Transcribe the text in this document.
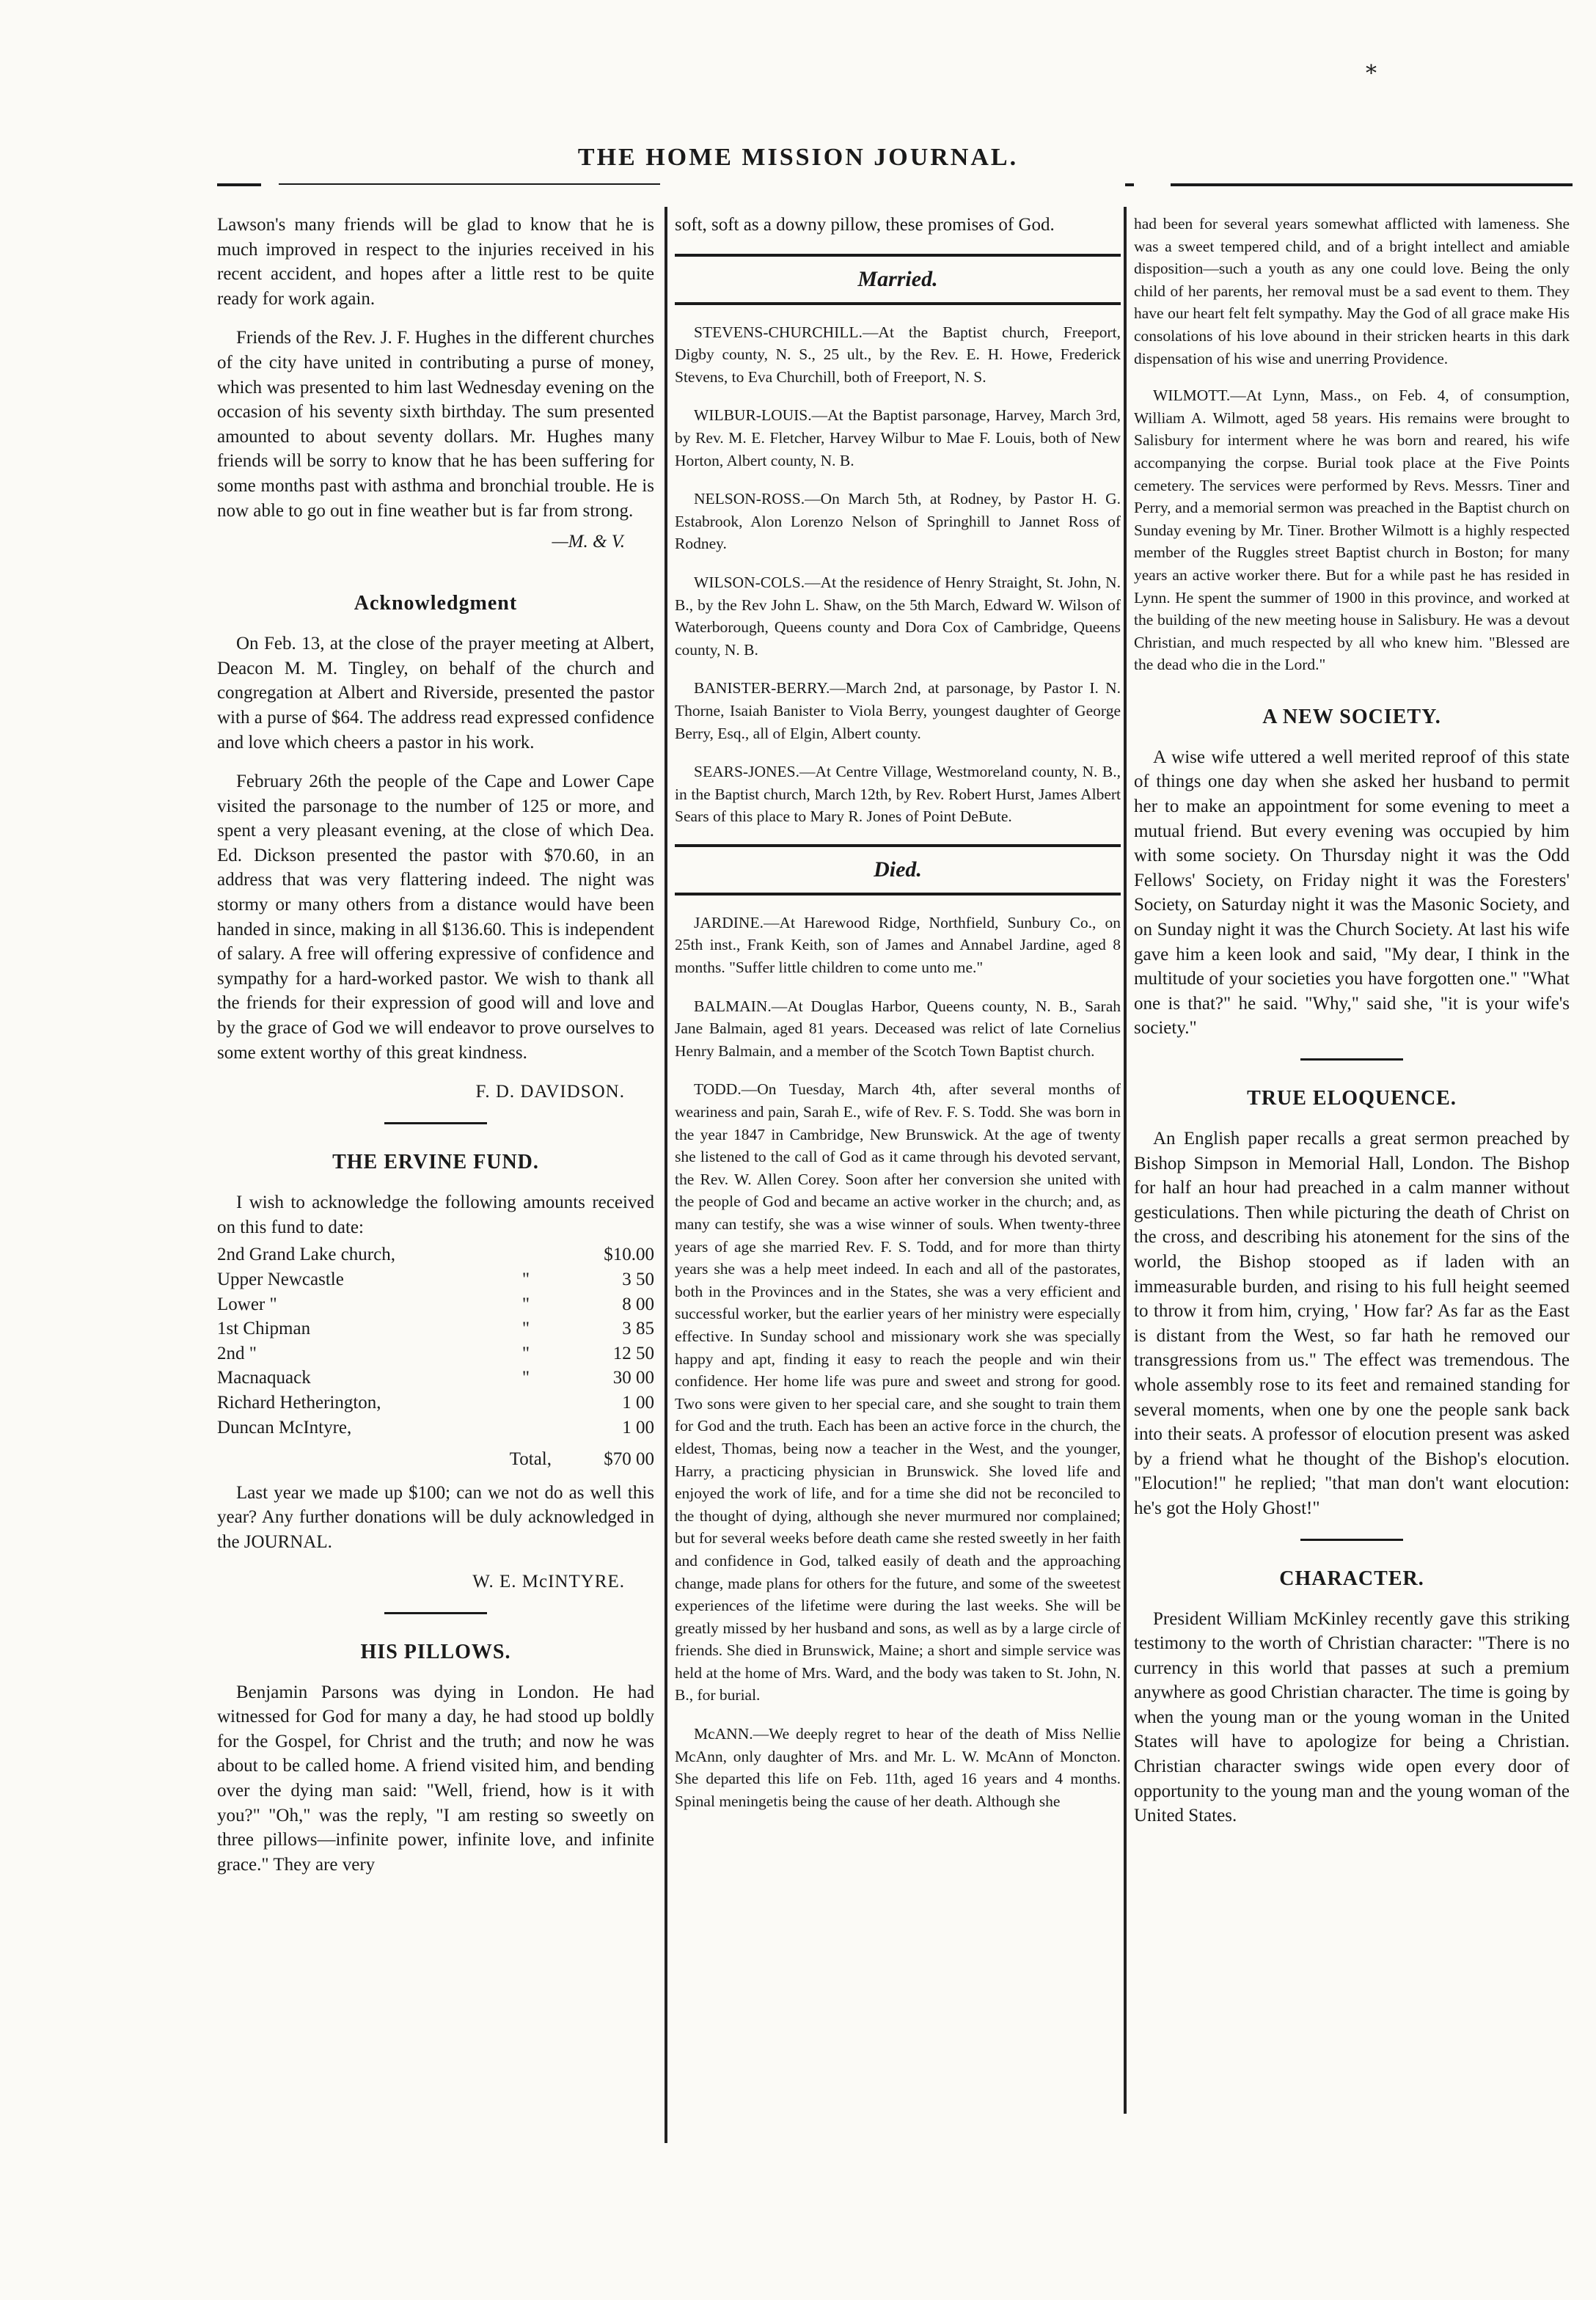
⁎
THE HOME MISSION JOURNAL.

Lawson's many friends will be glad to know that he is much improved in respect to the injuries received in his recent accident, and hopes after a little rest to be quite ready for work again.

Friends of the Rev. J. F. Hughes in the different churches of the city have united in contributing a purse of money, which was presented to him last Wednesday evening on the occasion of his seventy sixth birthday. The sum presented amounted to about seventy dollars. Mr. Hughes many friends will be sorry to know that he has been suffering for some months past with asthma and bronchial trouble. He is now able to go out in fine weather but is far from strong.

—M. & V.
Acknowledgment

On Feb. 13, at the close of the prayer meeting at Albert, Deacon M. M. Tingley, on behalf of the church and congregation at Albert and Riverside, presented the pastor with a purse of $64. The address read expressed confidence and love which cheers a pastor in his work.

February 26th the people of the Cape and Lower Cape visited the parsonage to the number of 125 or more, and spent a very pleasant evening, at the close of which Dea. Ed. Dickson presented the pastor with $70.60, in an address that was very flattering indeed. The night was stormy or many others from a distance would have been handed in since, making in all $136.60. This is independent of salary. A free will offering expressive of confidence and sympathy for a hard-worked pastor. We wish to thank all the friends for their expression of good will and love and by the grace of God we will endeavor to prove ourselves to some extent worthy of this great kindness.

F. D. DAVIDSON.
THE ERVINE FUND.

I wish to acknowledge the following amounts received on this fund to date:

2nd Grand Lake church,		$10.00
Upper Newcastle	"	3 50
Lower "	"	8 00
1st Chipman	"	3 85
2nd "	"	12 50
Macnaquack	"	30 00
Richard Hetherington,		1 00
Duncan McIntyre,		1 00
Total,		$70 00

Last year we made up $100; can we not do as well this year? Any further donations will be duly acknowledged in the JOURNAL.

W. E. McINTYRE.
HIS PILLOWS.

Benjamin Parsons was dying in London. He had witnessed for God for many a day, he had stood up boldly for the Gospel, for Christ and the truth; and now he was about to be called home. A friend visited him, and bending over the dying man said: "Well, friend, how is it with you?" "Oh," was the reply, "I am resting so sweetly on three pillows—infinite power, infinite love, and infinite grace." They are very

soft, soft as a downy pillow, these promises of God.

Married.

STEVENS-CHURCHILL.—At the Baptist church, Freeport, Digby county, N. S., 25 ult., by the Rev. E. H. Howe, Frederick Stevens, to Eva Churchill, both of Freeport, N. S.

WILBUR-LOUIS.—At the Baptist parsonage, Harvey, March 3rd, by Rev. M. E. Fletcher, Harvey Wilbur to Mae F. Louis, both of New Horton, Albert county, N. B.

NELSON-ROSS.—On March 5th, at Rodney, by Pastor H. G. Estabrook, Alon Lorenzo Nelson of Springhill to Jannet Ross of Rodney.

WILSON-COLS.—At the residence of Henry Straight, St. John, N. B., by the Rev John L. Shaw, on the 5th March, Edward W. Wilson of Waterborough, Queens county and Dora Cox of Cambridge, Queens county, N. B.

BANISTER-BERRY.—March 2nd, at parsonage, by Pastor I. N. Thorne, Isaiah Banister to Viola Berry, youngest daughter of George Berry, Esq., all of Elgin, Albert county.

SEARS-JONES.—At Centre Village, Westmoreland county, N. B., in the Baptist church, March 12th, by Rev. Robert Hurst, James Albert Sears of this place to Mary R. Jones of Point DeBute.

Died.

JARDINE.—At Harewood Ridge, Northfield, Sunbury Co., on 25th inst., Frank Keith, son of James and Annabel Jardine, aged 8 months. "Suffer little children to come unto me."

BALMAIN.—At Douglas Harbor, Queens county, N. B., Sarah Jane Balmain, aged 81 years. Deceased was relict of late Cornelius Henry Balmain, and a member of the Scotch Town Baptist church.

TODD.—On Tuesday, March 4th, after several months of weariness and pain, Sarah E., wife of Rev. F. S. Todd. She was born in the year 1847 in Cambridge, New Brunswick. At the age of twenty she listened to the call of God as it came through his devoted servant, the Rev. W. Allen Corey. Soon after her conversion she united with the people of God and became an active worker in the church; and, as many can testify, she was a wise winner of souls. When twenty-three years of age she married Rev. F. S. Todd, and for more than thirty years she was a help meet indeed. In each and all of the pastorates, both in the Provinces and in the States, she was a very efficient and successful worker, but the earlier years of her ministry were especially effective. In Sunday school and missionary work she was specially happy and apt, finding it easy to reach the people and win their confidence. Her home life was pure and sweet and strong for good. Two sons were given to her special care, and she sought to train them for God and the truth. Each has been an active force in the church, the eldest, Thomas, being now a teacher in the West, and the younger, Harry, a practicing physician in Brunswick. She loved life and enjoyed the work of life, and for a time she did not be reconciled to the thought of dying, although she never murmured nor complained; but for several weeks before death came she rested sweetly in her faith and confidence in God, talked easily of death and the approaching change, made plans for others for the future, and some of the sweetest experiences of the lifetime were during the last weeks. She will be greatly missed by her husband and sons, as well as by a large circle of friends. She died in Brunswick, Maine; a short and simple service was held at the home of Mrs. Ward, and the body was taken to St. John, N. B., for burial.

McANN.—We deeply regret to hear of the death of Miss Nellie McAnn, only daughter of Mrs. and Mr. L. W. McAnn of Moncton. She departed this life on Feb. 11th, aged 16 years and 4 months. Spinal meningetis being the cause of her death. Although she

had been for several years somewhat afflicted with lameness. She was a sweet tempered child, and of a bright intellect and amiable disposition—such a youth as any one could love. Being the only child of her parents, her removal must be a sad event to them. They have our heart felt felt sympathy. May the God of all grace make His consolations of his love abound in their stricken hearts in this dark dispensation of his wise and unerring Providence.

WILMOTT.—At Lynn, Mass., on Feb. 4, of consumption, William A. Wilmott, aged 58 years. His remains were brought to Salisbury for interment where he was born and reared, his wife accompanying the corpse. Burial took place at the Five Points cemetery. The services were performed by Revs. Messrs. Tiner and Perry, and a memorial sermon was preached in the Baptist church on Sunday evening by Mr. Tiner. Brother Wilmott is a highly respected member of the Ruggles street Baptist church in Boston; for many years an active worker there. But for a while past he has resided in Lynn. He spent the summer of 1900 in this province, and worked at the building of the new meeting house in Salisbury. He was a devout Christian, and much respected by all who knew him. "Blessed are the dead who die in the Lord."

A NEW SOCIETY.

A wise wife uttered a well merited reproof of this state of things one day when she asked her husband to permit her to make an appointment for some evening to meet a mutual friend. But every evening was occupied by him with some society. On Thursday night it was the Odd Fellows' Society, on Friday night it was the Foresters' Society, on Saturday night it was the Masonic Society, and on Sunday night it was the Church Society. At last his wife gave him a keen look and said, "My dear, I think in the multitude of your societies you have forgotten one." "What one is that?" he said. "Why," said she, "it is your wife's society."

TRUE ELOQUENCE.

An English paper recalls a great sermon preached by Bishop Simpson in Memorial Hall, London. The Bishop for half an hour had preached in a calm manner without gesticulations. Then while picturing the death of Christ on the cross, and describing his atonement for the sins of the world, the Bishop stooped as if laden with an immeasurable burden, and rising to his full height seemed to throw it from him, crying, ' How far? As far as the East is distant from the West, so far hath he removed our transgressions from us." The effect was tremendous. The whole assembly rose to its feet and remained standing for several moments, when one by one the people sank back into their seats. A professor of elocution present was asked by a friend what he thought of the Bishop's elocution. "Elocution!" he replied; "that man don't want elocution: he's got the Holy Ghost!"

CHARACTER.

President William McKinley recently gave this striking testimony to the worth of Christian character: "There is no currency in this world that passes at such a premium anywhere as good Christian character. The time is going by when the young man or the young woman in the United States will have to apologize for being a Christian. Christian character swings wide open every door of opportunity to the young man and the young woman of the United States.
